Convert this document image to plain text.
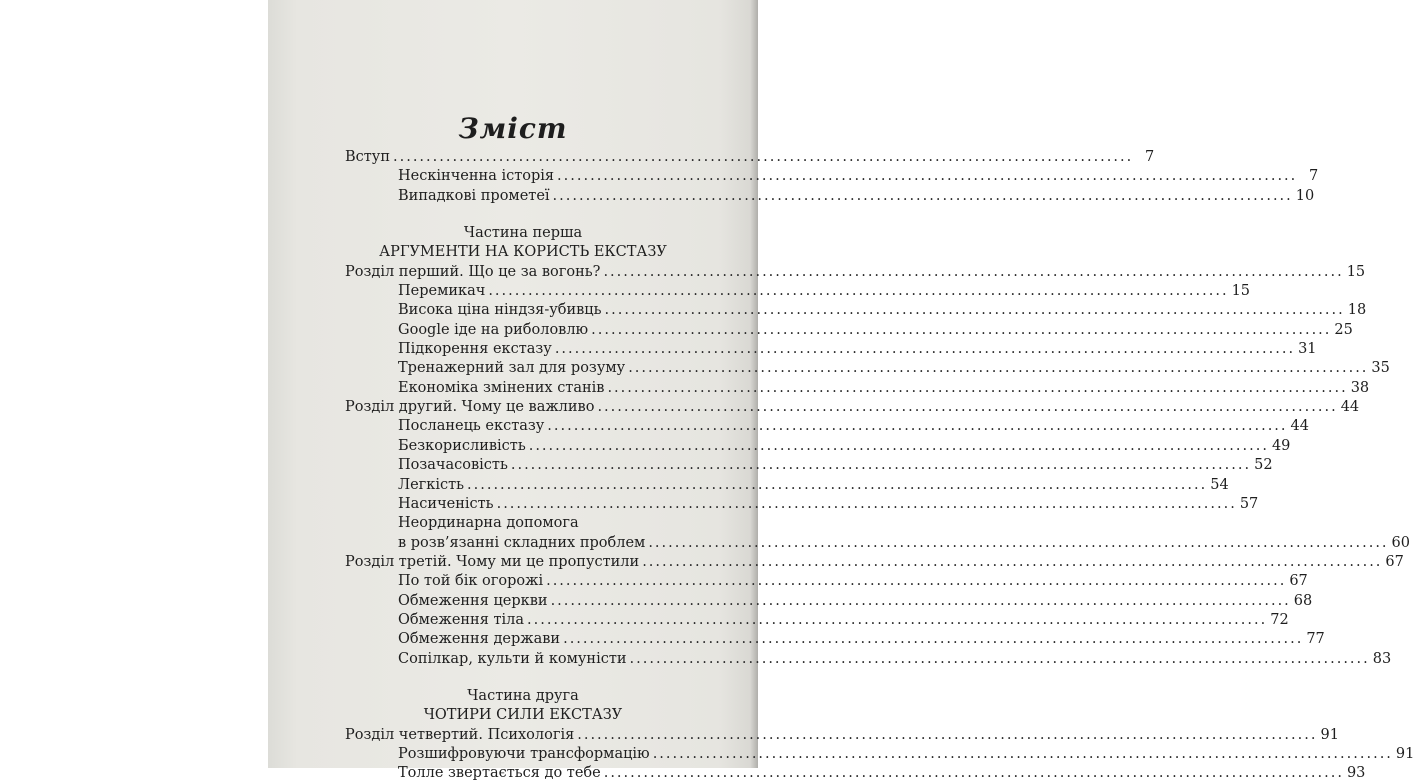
Зміст
Вступ .....	7
Нескінченна історія .....	7
Випадкові прометеї .....	10
Частина перша
АРГУМЕНТИ НА КОРИСТЬ ЕКСТАЗУ
Розділ перший. Що це за вогонь? .....	15
Перемикач .....	15
Висока ціна ніндзя-убивць .....	18
Google іде на риболовлю .....	25
Підкорення екстазу .....	31
Тренажерний зал для розуму .....	35
Економіка змінених станів .....	38
Розділ другий. Чому це важливо .....	44
Посланець екстазу .....	44
Безкорисливість .....	49
Позачасовість .....	52
Легкість .....	54
Насиченість .....	57
Неординарна допомога
в розв’язанні складних проблем .....	60
Розділ третій. Чому ми це пропустили .....	67
По той бік огорожі .....	67
Обмеження церкви .....	68
Обмеження тіла .....	72
Обмеження держави .....	77
Сопілкар, культи й комуністи .....	83
Частина друга
ЧОТИРИ СИЛИ ЕКСТАЗУ
Розділ четвертий. Психологія .....	91
Розшифровуючи трансформацію .....	91
Толле звертається до тебе .....	93
